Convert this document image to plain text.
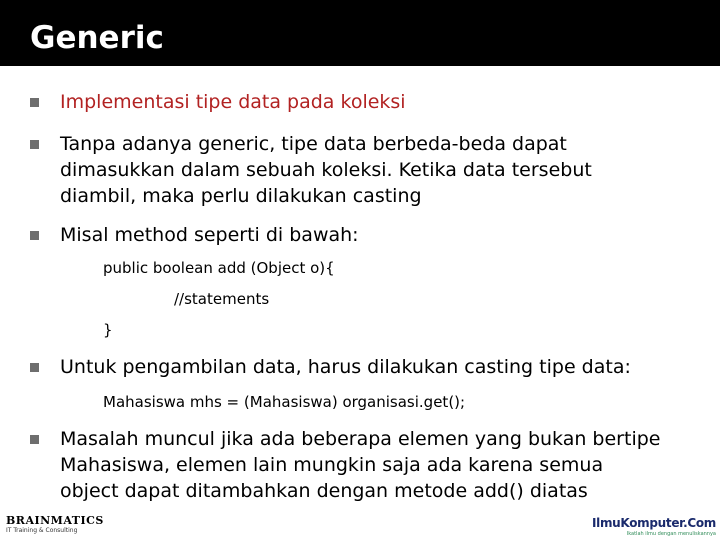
Generic
Implementasi tipe data pada koleksi
Tanpa adanya generic, tipe data berbeda-beda dapat
dimasukkan dalam sebuah koleksi. Ketika data tersebut
diambil, maka perlu dilakukan casting
Misal method seperti di bawah:
public boolean add (Object o){
//statements
}
Untuk pengambilan data, harus dilakukan casting tipe data:
Mahasiswa mhs = (Mahasiswa) organisasi.get();
Masalah muncul jika ada beberapa elemen yang bukan bertipe
Mahasiswa, elemen lain mungkin saja ada karena semua
object dapat ditambahkan dengan metode add() diatas
BRAINMATICS
IT Training & Consulting
IlmuKomputer.Com
Ikatlah ilmu dengan menuliskannya
